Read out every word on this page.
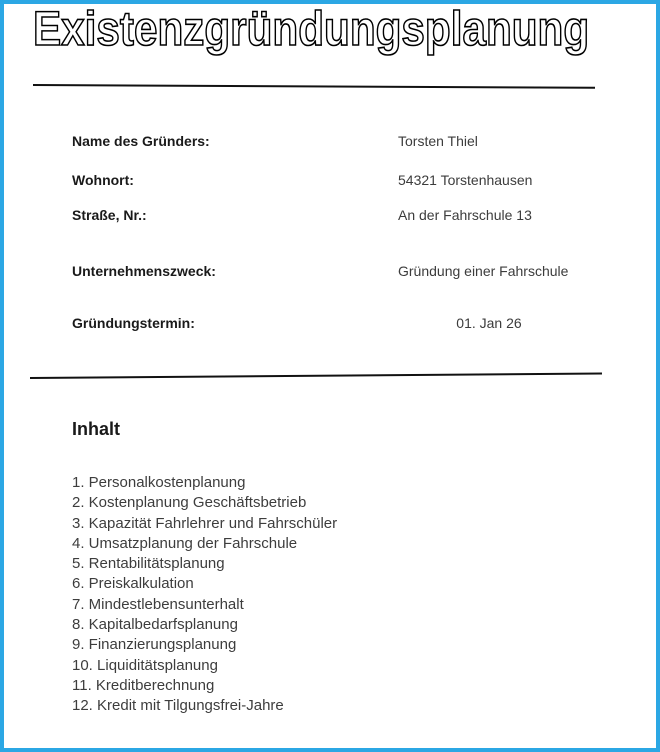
Existenzgründungsplanung
Name des Gründers:	Torsten Thiel
Wohnort:	54321 Torstenhausen
Straße, Nr.:	An der Fahrschule 13
Unternehmenszweck:	Gründung einer Fahrschule
Gründungstermin:	01. Jan 26
Inhalt
1. Personalkostenplanung
2. Kostenplanung Geschäftsbetrieb
3. Kapazität Fahrlehrer und Fahrschüler
4. Umsatzplanung der Fahrschule
5. Rentabilitätsplanung
6. Preiskalkulation
7. Mindestlebensunterhalt
8. Kapitalbedarfsplanung
9. Finanzierungsplanung
10. Liquiditätsplanung
11. Kreditberechnung
12. Kredit mit Tilgungsfrei-Jahre
